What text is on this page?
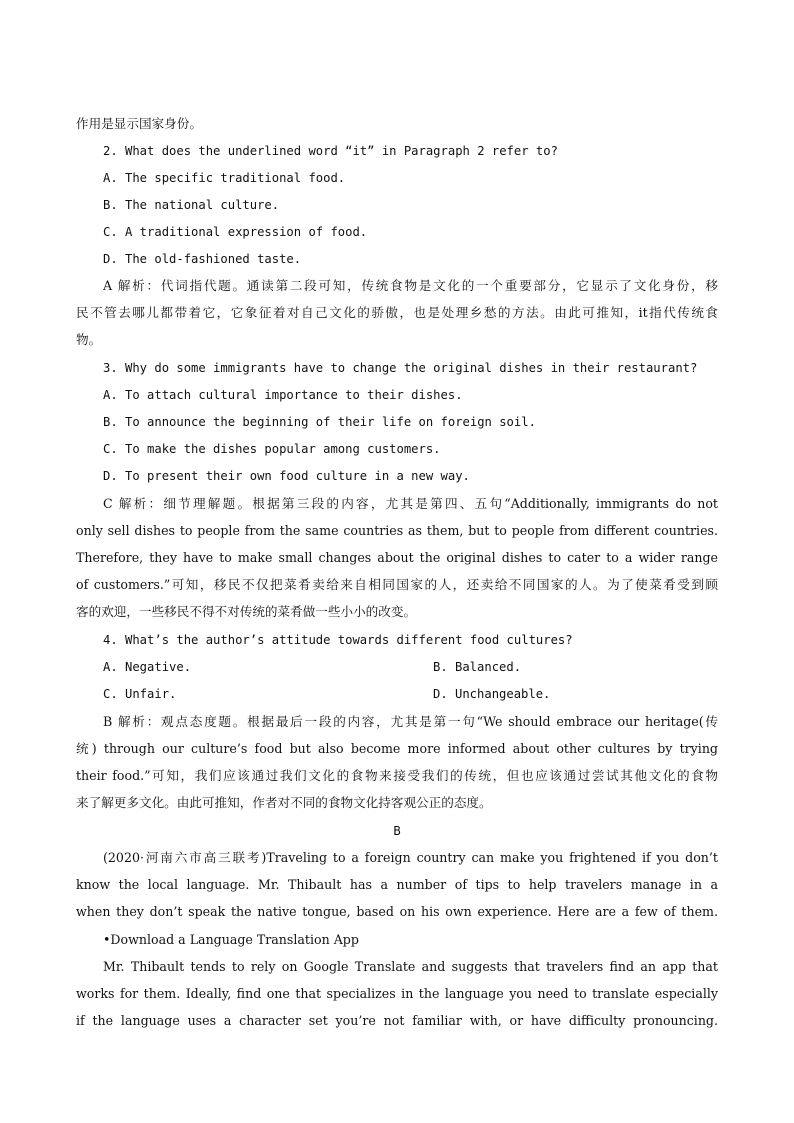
作用是显示国家身份。
2. What does the underlined word “it” in Paragraph 2 refer to?
A. The specific traditional food.
B. The national culture.
C. A traditional expression of food.
D. The old-fashioned taste.
A 解析：代词指代题。通读第二段可知，传统食物是文化的一个重要部分，它显示了文化身份，移
民不管去哪儿都带着它，它象征着对自己文化的骄傲，也是处理乡愁的方法。由此可推知，it指代传统食
物。
3. Why do some immigrants have to change the original dishes in their restaurant?
A. To attach cultural importance to their dishes.
B. To announce the beginning of their life on foreign soil.
C. To make the dishes popular among customers.
D. To present their own food culture in a new way.
C 解析：细节理解题。根据第三段的内容，尤其是第四、五句“Additionally, immigrants do not
only sell dishes to people from the same countries as them, but to people from different countries.
Therefore, they have to make small changes about the original dishes to cater to a wider range
of customers.”可知，移民不仅把菜肴卖给来自相同国家的人，还卖给不同国家的人。为了使菜肴受到顾
客的欢迎，一些移民不得不对传统的菜肴做一些小小的改变。
4. What’s the author’s attitude towards different food cultures?
A. Negative.	B. Balanced.
C. Unfair.	D. Unchangeable.
B 解析：观点态度题。根据最后一段的内容，尤其是第一句“We should embrace our heritage(传
统) through our culture’s food but also become more informed about other cultures by trying
their food.”可知，我们应该通过我们文化的食物来接受我们的传统，但也应该通过尝试其他文化的食物
来了解更多文化。由此可推知，作者对不同的食物文化持客观公正的态度。
B
(2020·河南六市高三联考)Traveling to a foreign country can make you frightened if you don’t
know the local language. Mr. Thibault has a number of tips to help travelers manage in a
when they don’t speak the native tongue, based on his own experience. Here are a few of them.
•Download a Language Translation App
Mr. Thibault tends to rely on Google Translate and suggests that travelers find an app that
works for them. Ideally, find one that specializes in the language you need to translate especially
if the language uses a character set you’re not familiar with, or have difficulty pronouncing.
